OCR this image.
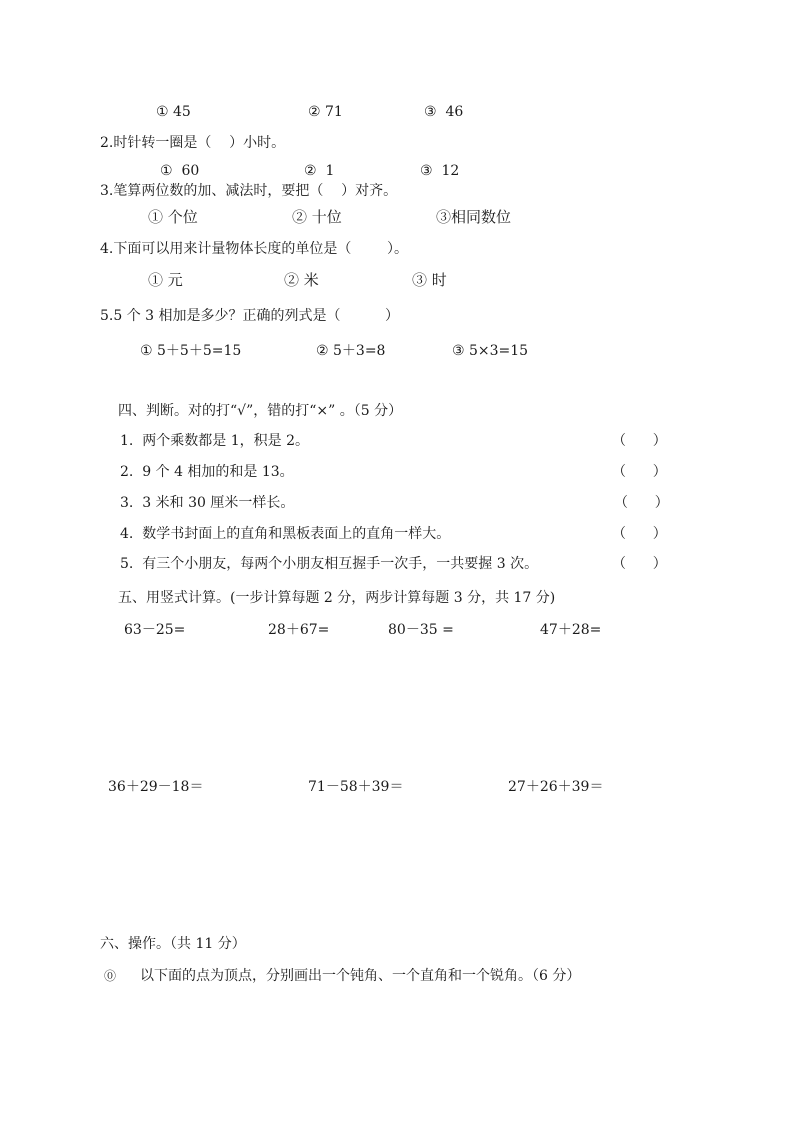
① 45	② 71	③  46
2.时针转一圈是（    ）小时。
①  60	②  1	③  12
3.笔算两位数的加、减法时，要把（    ）对齐。
① 个位	② 十位	③相同数位
4.下面可以用来计量物体长度的单位是（        ）。
① 元	② 米	③ 时
5.5 个 3 相加是多少？正确的列式是（          ）
① 5＋5＋5=15	② 5＋3=8	③ 5×3=15
四、判断。对的打“√”，错的打“×” 。（5 分）
1.  两个乘数都是 1，积是 2。	（      ）
2.  9 个 4 相加的和是 13。	（      ）
3.  3 米和 30 厘米一样长。	（      ）
4.  数学书封面上的直角和黑板表面上的直角一样大。	（      ）
5.  有三个小朋友，每两个小朋友相互握手一次手，一共要握 3 次。	（      ）
五、用竖式计算。(一步计算每题 2 分，两步计算每题 3 分，共 17 分)
63－25=	28＋67=	80－35 =	47＋28=
36＋29－18＝	71－58＋39＝	27＋26＋39＝
六、操作。（共 11 分）
⓪ 以下面的点为顶点，分别画出一个钝角、一个直角和一个锐角。（6 分）
